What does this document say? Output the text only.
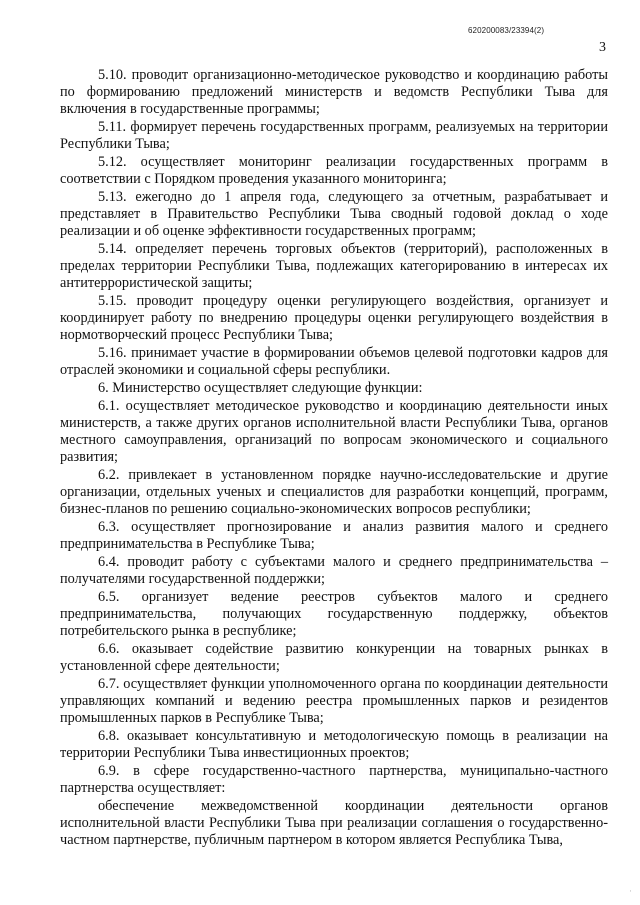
620200083/23394(2)
3

5.10. проводит организационно-методическое руководство и координацию работы по формированию предложений министерств и ведомств Республики Тыва для включения в государственные программы;

5.11. формирует перечень государственных программ, реализуемых на территории Республики Тыва;

5.12. осуществляет мониторинг реализации государственных программ в соответствии с Порядком проведения указанного мониторинга;

5.13. ежегодно до 1 апреля года, следующего за отчетным, разрабатывает и представляет в Правительство Республики Тыва сводный годовой доклад о ходе реализации и об оценке эффективности государственных программ;

5.14. определяет перечень торговых объектов (территорий), расположенных в пределах территории Республики Тыва, подлежащих категорированию в интересах их антитеррористической защиты;

5.15. проводит процедуру оценки регулирующего воздействия, организует и координирует работу по внедрению процедуры оценки регулирующего воздействия в нормотворческий процесс Республики Тыва;

5.16. принимает участие в формировании объемов целевой подготовки кадров для отраслей экономики и социальной сферы республики.

6. Министерство осуществляет следующие функции:

6.1. осуществляет методическое руководство и координацию деятельности иных министерств, а также других органов исполнительной власти Республики Тыва, органов местного самоуправления, организаций по вопросам экономического и социального развития;

6.2. привлекает в установленном порядке научно-исследовательские и другие организации, отдельных ученых и специалистов для разработки концепций, программ, бизнес-планов по решению социально-экономических вопросов республики;

6.3. осуществляет прогнозирование и анализ развития малого и среднего предпринимательства в Республике Тыва;

6.4. проводит работу с субъектами малого и среднего предпринимательства – получателями государственной поддержки;

6.5. организует ведение реестров субъектов малого и среднего предпринимательства, получающих государственную поддержку, объектов потребительского рынка в республике;

6.6. оказывает содействие развитию конкуренции на товарных рынках в установленной сфере деятельности;

6.7. осуществляет функции уполномоченного органа по координации деятельности управляющих компаний и ведению реестра промышленных парков и резидентов промышленных парков в Республике Тыва;

6.8. оказывает консультативную и методологическую помощь в реализации на территории Республики Тыва инвестиционных проектов;

6.9. в сфере государственно-частного партнерства, муниципально-частного партнерства осуществляет:

обеспечение межведомственной координации деятельности органов исполнительной власти Республики Тыва при реализации соглашения о государственно-частном партнерстве, публичным партнером в котором является Республика Тыва,

·
